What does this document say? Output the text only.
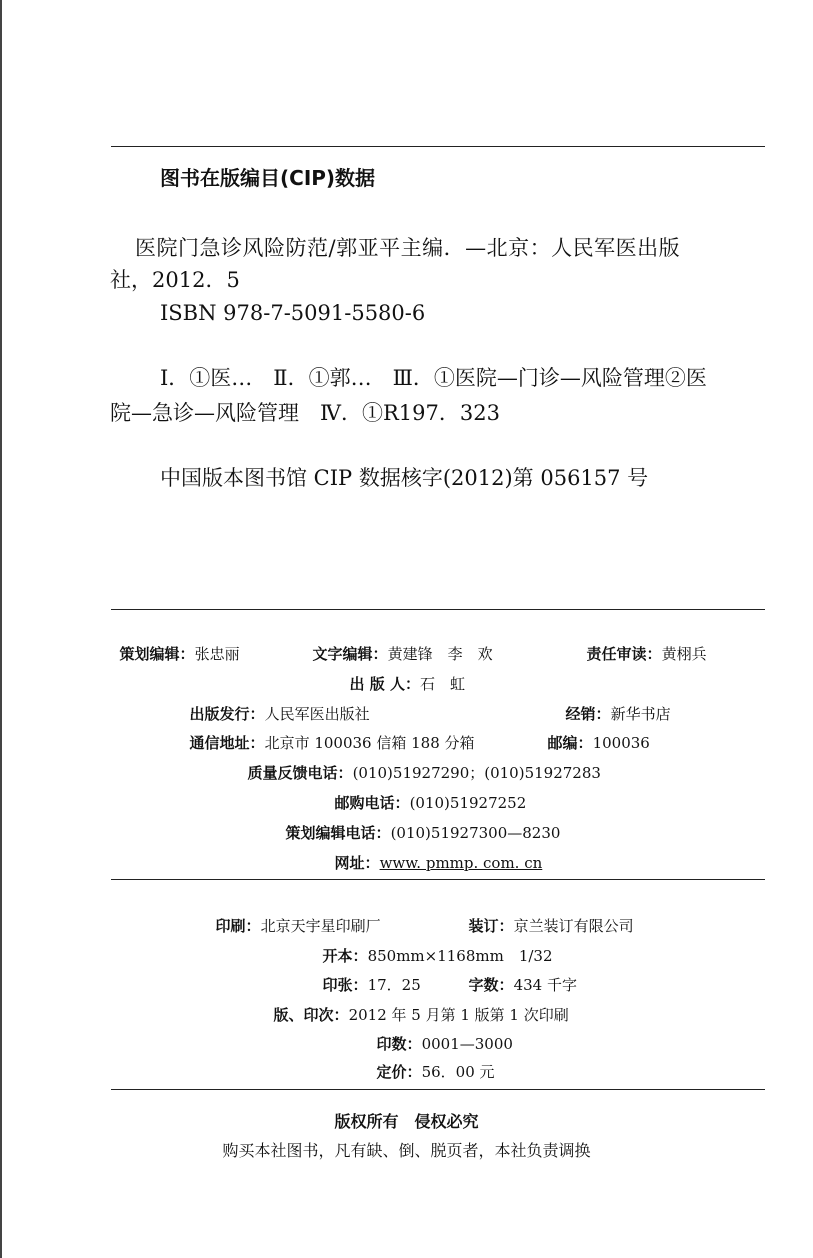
图书在版编目(CIP)数据
医院门急诊风险防范/郭亚平主编．—北京：人民军医出版
社，2012．5
ISBN 978-7-5091-5580-6
Ⅰ．①医…　Ⅱ．①郭…　Ⅲ．①医院—门诊—风险管理②医
院—急诊—风险管理　Ⅳ．①R197．323
中国版本图书馆 CIP 数据核字(2012)第 056157 号

策划编辑：张忠丽	文字编辑：黄建锋　李　欢	责任审读：黄栩兵

出 版 人：石　虹

出版发行：人民军医出版社	经销：新华书店

通信地址：北京市 100036 信箱 188 分箱	邮编：100036

质量反馈电话：(010)51927290；(010)51927283

邮购电话：(010)51927252

策划编辑电话：(010)51927300—8230

网址：www. pmmp. com. cn

印刷：北京天宇星印刷厂	装订：京兰装订有限公司

开本：850mm×1168mm　1/32

印张：17．25	字数：434 千字

版、印次：2012 年 5 月第 1 版第 1 次印刷

印数：0001—3000

定价：56．00 元

版权所有　侵权必究
购买本社图书，凡有缺、倒、脱页者，本社负责调换
